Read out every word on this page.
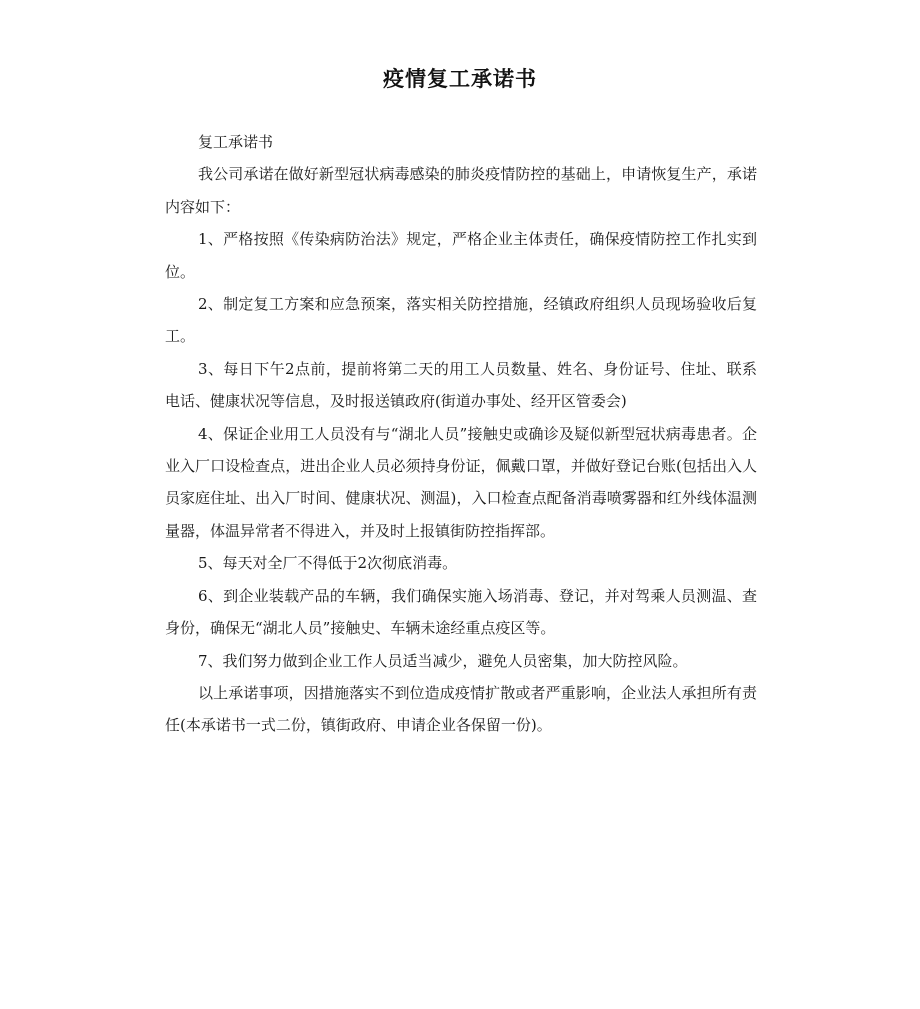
疫情复工承诺书

复工承诺书

我公司承诺在做好新型冠状病毒感染的肺炎疫情防控的基础上，申请恢复生产，承诺内容如下：

1、严格按照《传染病防治法》规定，严格企业主体责任，确保疫情防控工作扎实到位。

2、制定复工方案和应急预案，落实相关防控措施，经镇政府组织人员现场验收后复工。

3、每日下午2点前，提前将第二天的用工人员数量、姓名、身份证号、住址、联系电话、健康状况等信息，及时报送镇政府(街道办事处、经开区管委会)

4、保证企业用工人员没有与“湖北人员”接触史或确诊及疑似新型冠状病毒患者。企业入厂口设检查点，进出企业人员必须持身份证，佩戴口罩，并做好登记台账(包括出入人员家庭住址、出入厂时间、健康状况、测温)，入口检查点配备消毒喷雾器和红外线体温测量器，体温异常者不得进入，并及时上报镇街防控指挥部。

5、每天对全厂不得低于2次彻底消毒。

6、到企业装载产品的车辆，我们确保实施入场消毒、登记，并对驾乘人员测温、查身份，确保无“湖北人员”接触史、车辆未途经重点疫区等。

7、我们努力做到企业工作人员适当减少，避免人员密集，加大防控风险。

以上承诺事项，因措施落实不到位造成疫情扩散或者严重影响，企业法人承担所有责任(本承诺书一式二份，镇街政府、申请企业各保留一份)。
